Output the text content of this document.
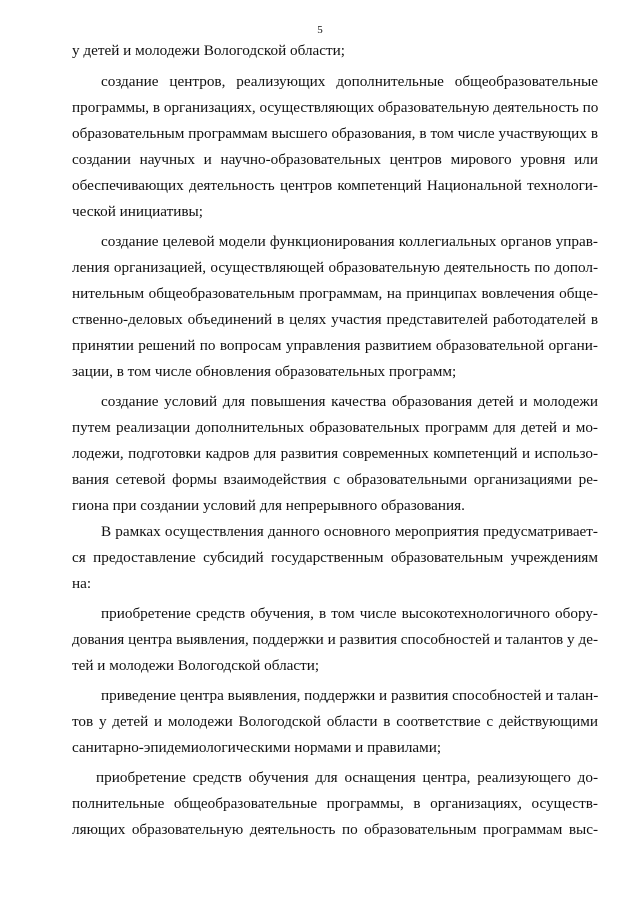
5
у детей и молодежи Вологодской области;
создание центров, реализующих дополнительные общеобразовательные
программы, в организациях, осуществляющих образовательную деятельность по
образовательным программам высшего образования, в том числе участвующих в
создании научных и научно-образовательных центров мирового уровня или
обеспечивающих деятельность центров компетенций Национальной технологи-
ческой инициативы;
создание целевой модели функционирования коллегиальных органов управ-
ления организацией, осуществляющей образовательную деятельность по допол-
нительным общеобразовательным программам, на принципах вовлечения обще-
ственно-деловых объединений в целях участия представителей работодателей в
принятии решений по вопросам управления развитием образовательной органи-
зации, в том числе обновления образовательных программ;
создание условий для повышения качества образования детей и молодежи
путем реализации дополнительных образовательных программ для детей и мо-
лодежи, подготовки кадров для развития современных компетенций и использо-
вания сетевой формы взаимодействия с образовательными организациями ре-
гиона при создании условий для непрерывного образования.
В рамках осуществления данного основного мероприятия предусматривает-
ся предоставление субсидий государственным образовательным учреждениям
на:
приобретение средств обучения, в том числе высокотехнологичного обору-
дования центра выявления, поддержки и развития способностей и талантов у де-
тей и молодежи Вологодской области;
приведение центра выявления, поддержки и развития способностей и талан-
тов у детей и молодежи Вологодской области в соответствие с действующими
санитарно-эпидемиологическими нормами и правилами;
приобретение средств обучения для оснащения центра, реализующего до-
полнительные общеобразовательные программы, в организациях, осуществ-
ляющих образовательную деятельность по образовательным программам выс-
